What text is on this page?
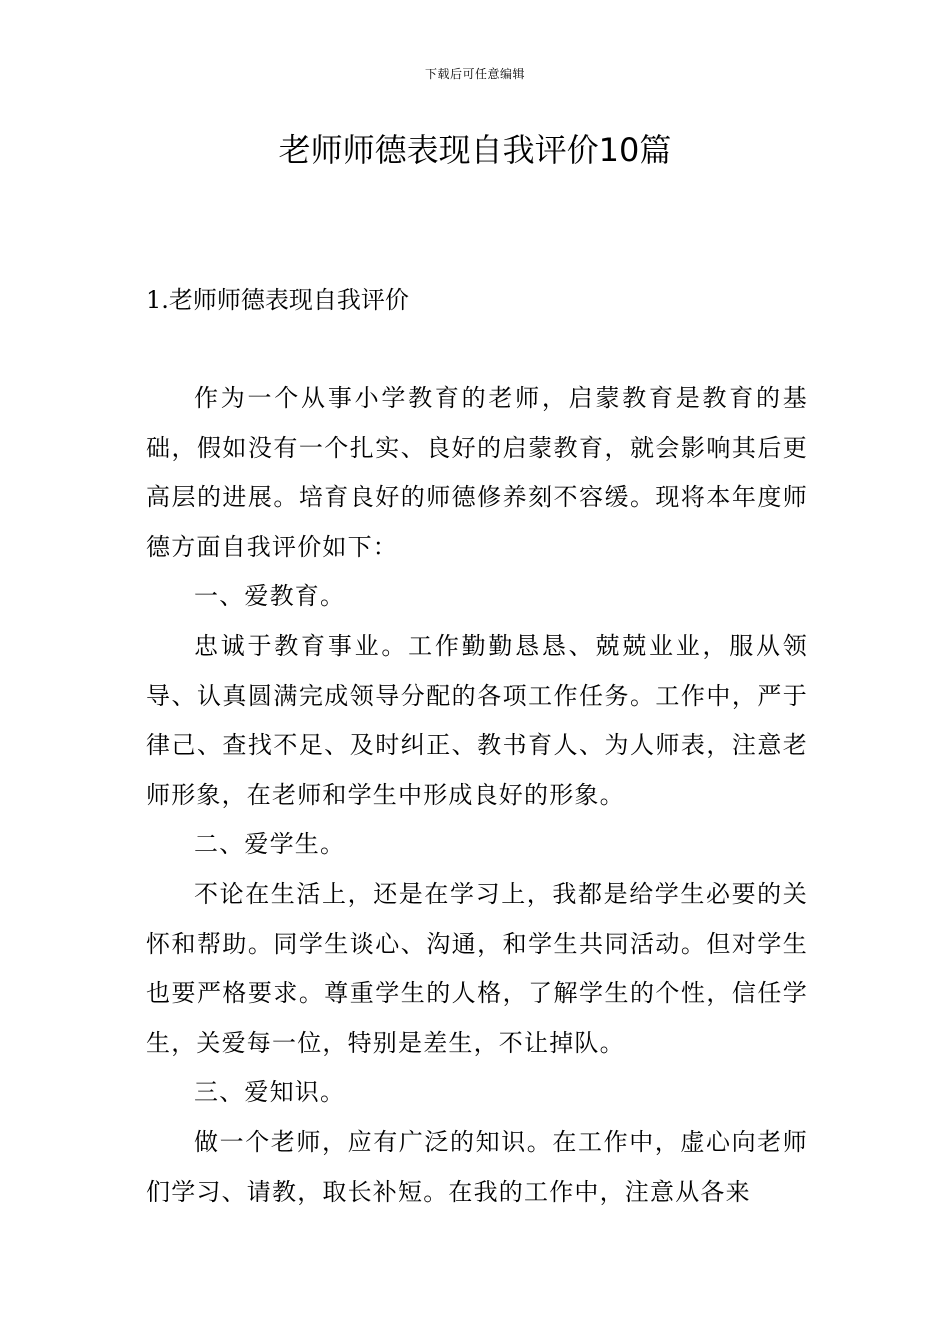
下载后可任意编辑
老师师德表现自我评价10篇
1.老师师德表现自我评价

作为一个从事小学教育的老师，启蒙教育是教育的基础，假如没有一个扎实、良好的启蒙教育，就会影响其后更高层的进展。培育良好的师德修养刻不容缓。现将本年度师德方面自我评价如下：

一、爱教育。

忠诚于教育事业。工作勤勤恳恳、兢兢业业，服从领导、认真圆满完成领导分配的各项工作任务。工作中，严于律己、查找不足、及时纠正、教书育人、为人师表，注意老师形象，在老师和学生中形成良好的形象。

二、爱学生。

不论在生活上，还是在学习上，我都是给学生必要的关怀和帮助。同学生谈心、沟通，和学生共同活动。但对学生也要严格要求。尊重学生的人格，了解学生的个性，信任学生，关爱每一位，特别是差生，不让掉队。

三、爱知识。

做一个老师，应有广泛的知识。在工作中，虚心向老师们学习、请教，取长补短。在我的工作中，注意从各来
